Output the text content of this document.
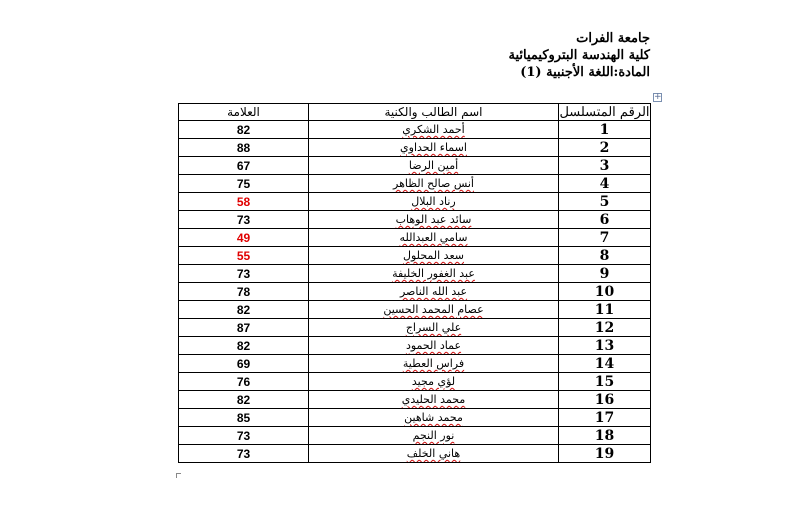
جامعة الفرات
كلية الهندسة البتروكيميائية
المادة:اللغة الأجنبية (1)
+
الرقم المتسلسل	اسم الطالب والكنية	العلامة
1	أحمد الشكري	82
2	اسماء الحداوي	88
3	أمين الرضا	67
4	أنس صالح الظاهر	75
5	رناد البلال	58
6	سائد عبد الوهاب	73
7	سامي العبدالله	49
8	سعد المحلول	55
9	عبد الغفور الخليفة	73
10	عبد الله الناصر	78
11	عصام المحمد الحسين	82
12	علي السراج	87
13	عماد الحمود	82
14	فراس العطية	69
15	لؤي مجيد	76
16	محمد الحليدي	82
17	محمد شاهين	85
18	نور النجم	73
19	هاني الخلف	73
